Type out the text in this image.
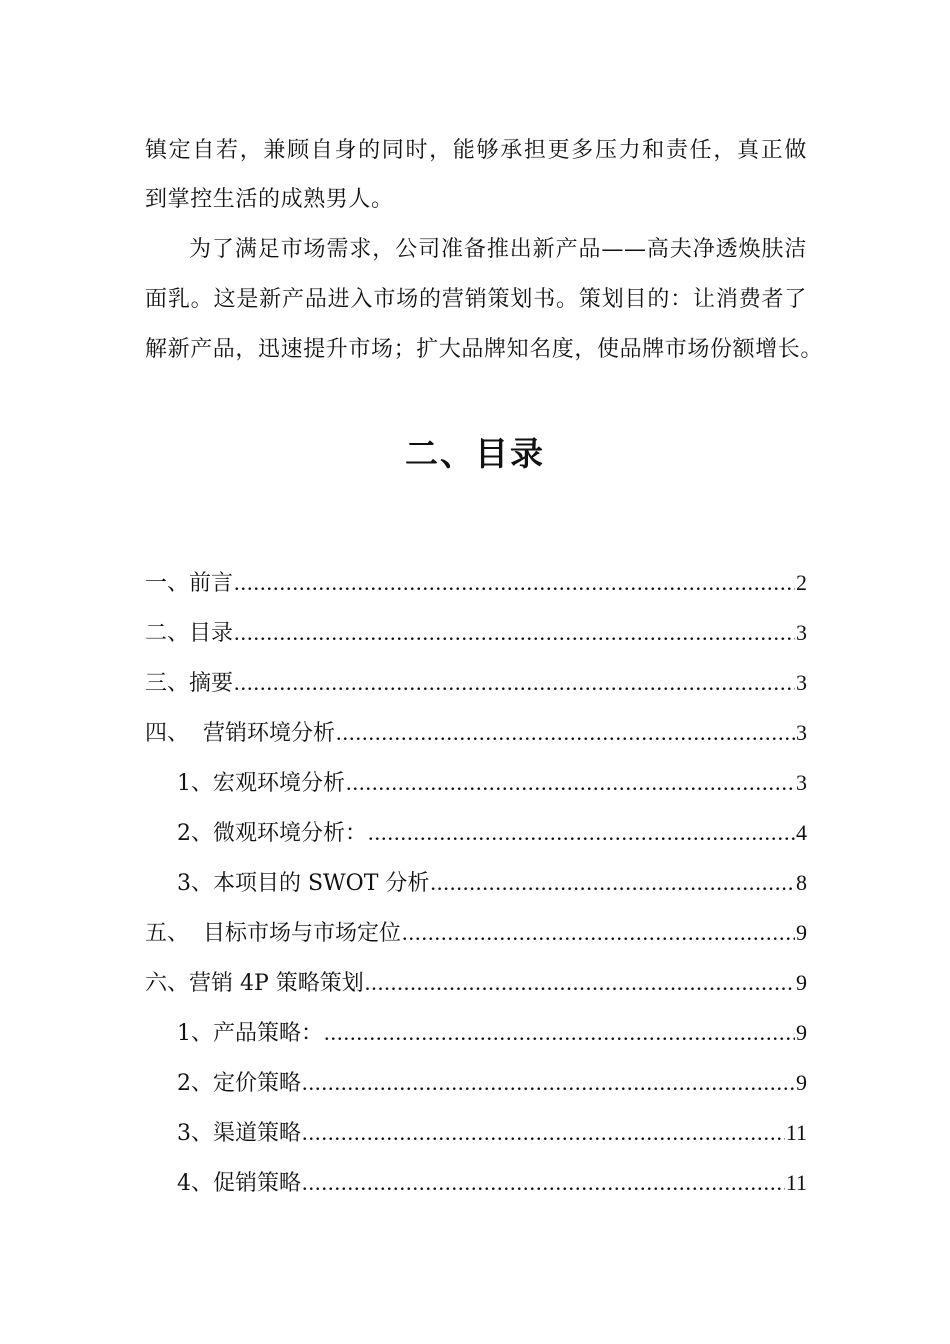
镇定自若，兼顾自身的同时，能够承担更多压力和责任，真正做
到掌控生活的成熟男人。
为了满足市场需求，公司准备推出新产品——高夫净透焕肤洁
面乳。这是新产品进入市场的营销策划书。策划目的：让消费者了
解新产品，迅速提升市场；扩大品牌知名度，使品牌市场份额增长。
二、目录
一、前言 .....	2
二、目录 .....	3
三、摘要 .....	3
四、  营销环境分析 .....	3
1、宏观环境分析 .....	3
2、微观环境分析： .....	4
3、本项目的 SWOT 分析 .....	8
五、  目标市场与市场定位 .....	9
六、营销 4P 策略策划 .....	9
1、产品策略： .....	9
2、定价策略 .....	9
3、渠道策略 .....	11
4、促销策略 .....	11
